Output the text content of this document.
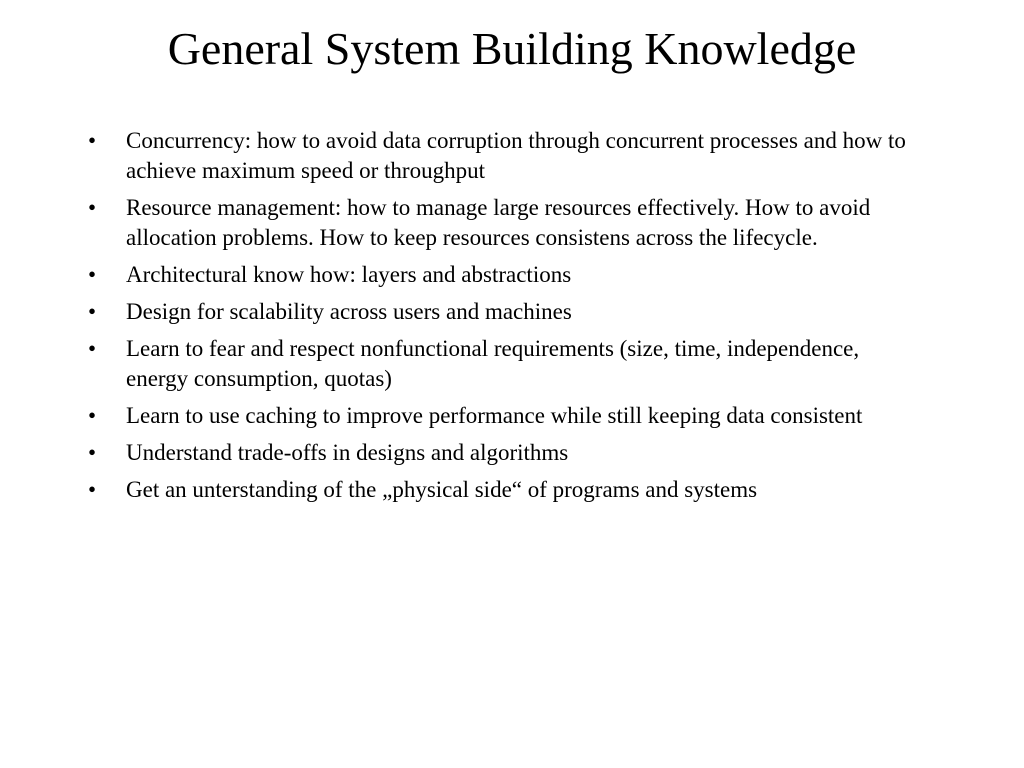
General System Building Knowledge
• Concurrency: how to avoid data corruption through concurrent processes and how to achieve maximum speed or throughput
• Resource management: how to manage large resources effectively. How to avoid allocation problems. How to keep resources consistens across the lifecycle.
• Architectural know how: layers and abstractions
• Design for scalability across users and machines
• Learn to fear and respect nonfunctional requirements (size, time, independence, energy consumption, quotas)
• Learn to use caching to improve performance while still keeping data consistent
• Understand trade-offs in designs and algorithms
• Get an unterstanding of the „physical side“ of programs and systems
